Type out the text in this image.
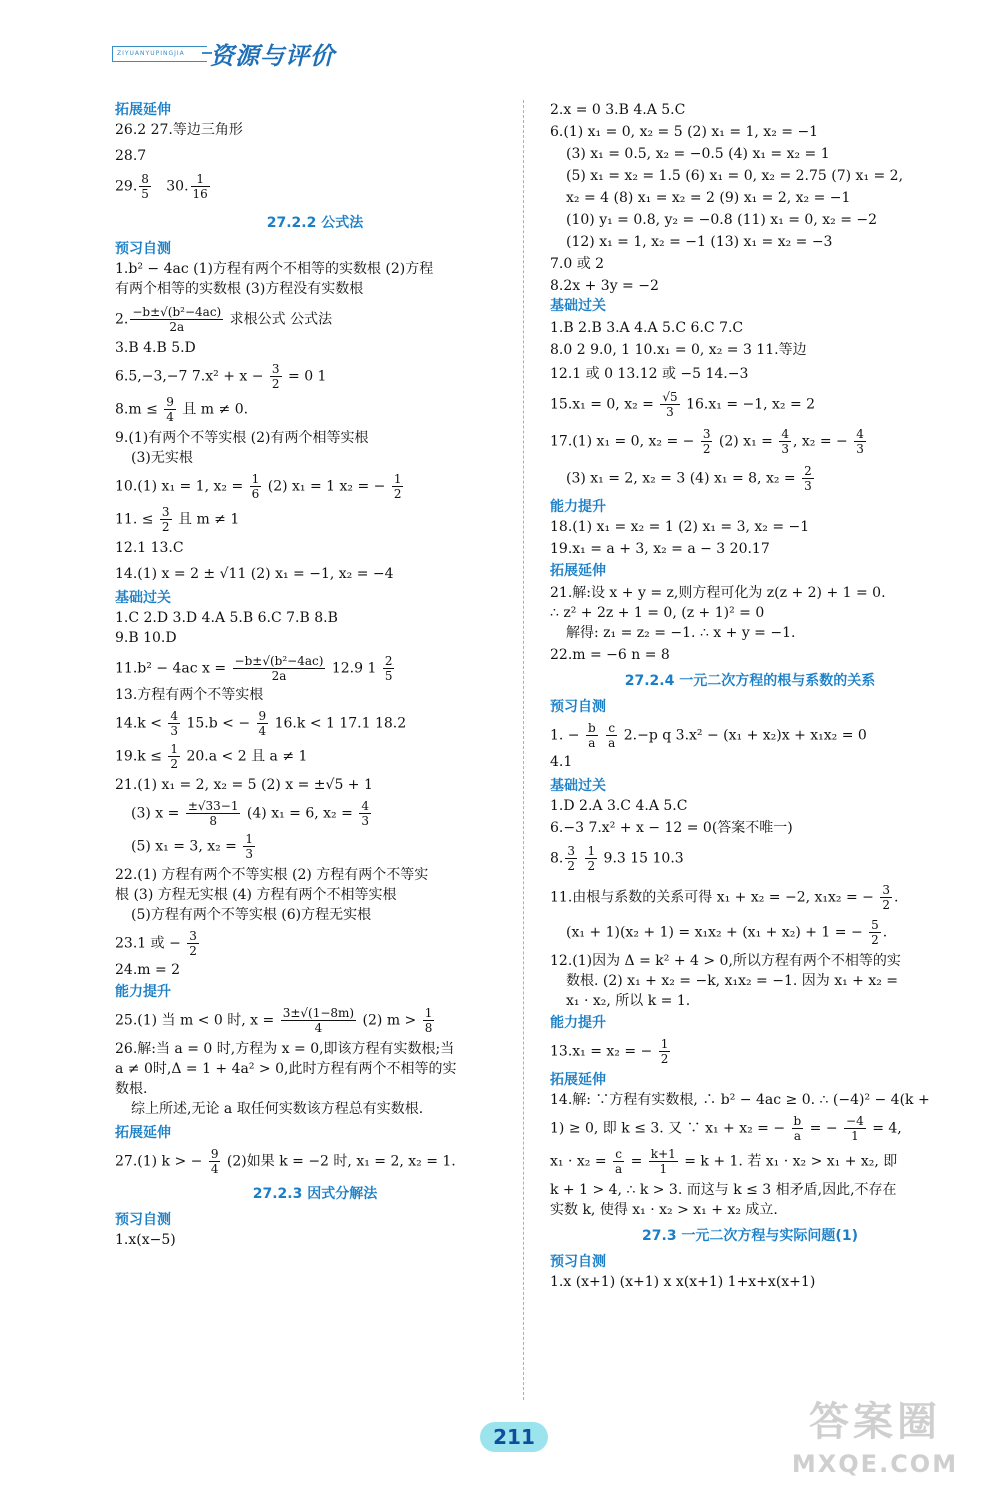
ZIYUANYUPINGJIA	资源与评价
拓展延伸
26.2 27.等边三角形
28.7
29. $\frac{8}{5} 30$. $\frac{1}{16}$
27.2.2 公式法
预习自测
1.b² − 4ac (1)方程有两个不相等的实数根 (2)方程
有两个相等的实数根 (3)方程没有实数根
2. $\frac{\text{−b±√(b²−4ac)}}{2a}$ 求根公式 公式法
3.B 4.B 5.D
6.5,−3,−7 $7.x^2 + x - \frac{3}{2} = 0$ 1
$8.m \le \frac{9}{4}$ 且 m ≠ 0.
9.(1)有两个不等实根 (2)有两个相等实根
(3)无实根
10.(1) x₁ = 1, $x_2 = \frac{1}{6} (2) x_1 = 1$ x₂ = − $\frac{1}{2}$
11. ≤ $\frac{3}{2}$ 且 m ≠ 1
12.1 13.C
14.(1) x = 2 ± √11 (2) x₁ = −1, x₂ = −4
基础过关
1.C 2.D 3.D 4.A 5.B 6.C 7.B 8.B
9.B 10.D
11.b² − 4ac $x = \frac{\text{−b±√(b²−4ac)}}{2a} 12.9$ $1 \frac{2}{5}$
13.方程有两个不等实根
$14.k < \frac{4}{3} 15.b$ < − $\frac{9}{4} 16.k < 1$ 17.1 18.2
$19.k \le \frac{1}{2} 20.a < 2$ 且 a ≠ 1
21.(1) x₁ = 2, x₂ = 5 (2) x = ±√5 + 1
(3) $x = \frac{\pm√33-1}{8} (4) x_1 = 6$, $x_2 = \frac{4}{3}$
(5) x₁ = 3, $x_2 = \frac{1}{3}$
22.(1) 方程有两个不等实根 (2) 方程有两个不等实
根 (3) 方程无实根 (4) 方程有两个不相等实根
(5)方程有两个不等实根 (6)方程无实根
23.1 或 − $\frac{3}{2}$
24.m = 2
能力提升
25.(1) 当 m < 0 时, $x = \frac{3\pm√(1-8m)}{4} (2) m > \frac{1}{8}$
26.解:当 a = 0 时,方程为 x = 0,即该方程有实数根;当
a ≠ 0时,Δ = 1 + 4a² > 0,此时方程有两个不相等的实
数根.
综上所述,无论 a 取任何实数该方程总有实数根.
拓展延伸
27.(1) k > − $\frac{9}{4} (2)$如果 k = −2 时, x₁ = 2, x₂ = 1.
27.2.3 因式分解法
预习自测
1.x(x−5)
2.x = 0 3.B 4.A 5.C
6.(1) x₁ = 0, x₂ = 5 (2) x₁ = 1, x₂ = −1
(3) x₁ = 0.5, x₂ = −0.5 (4) x₁ = x₂ = 1
(5) x₁ = x₂ = 1.5 (6) x₁ = 0, x₂ = 2.75 (7) x₁ = 2,
x₂ = 4 (8) x₁ = x₂ = 2 (9) x₁ = 2, x₂ = −1
(10) y₁ = 0.8, y₂ = −0.8 (11) x₁ = 0, x₂ = −2
(12) x₁ = 1, x₂ = −1 (13) x₁ = x₂ = −3
7.0 或 2
8.2x + 3y = −2
基础过关
1.B 2.B 3.A 4.A 5.C 6.C 7.C
8.0 2 9.0, 1 10.x₁ = 0, x₂ = 3 11.等边
12.1 或 0 13.12 或 −5 14.−3
15.x₁ = 0, $x_2 = \frac{√5}{3} 16.x_1 = -1$, x₂ = 2
17.(1) x₁ = 0, x₂ = − $\frac{3}{2} (2) x_1 = \frac{4}{3}$ , x₂ = − $\frac{4}{3}$
(3) x₁ = 2, x₂ = 3 (4) x₁ = 8, $x_2 = \frac{2}{3}$
能力提升
18.(1) x₁ = x₂ = 1 (2) x₁ = 3, x₂ = −1
19.x₁ = a + 3, x₂ = a − 3 20.17
拓展延伸
21.解:设 x + y = z,则方程可化为 z(z + 2) + 1 = 0.
∴ z² + 2z + 1 = 0, (z + 1)² = 0
解得: z₁ = z₂ = −1. ∴ x + y = −1.
22.m = −6 n = 8
27.2.4 一元二次方程的根与系数的关系
预习自测
1. − $\frac{b}{a}$
$\frac{c}{a} 2.-p$ q 3.x² − (x₁ + x₂)x + x₁x₂ = 0
4.1
基础过关
1.D 2.A 3.C 4.A 5.C
6.−3 7.x² + x − 12 = 0(答案不唯一)
8. $\frac{3}{2}$
$\frac{1}{2} 9.3$ 15 10.3
11.由根与系数的关系可得 x₁ + x₂ = −2, x₁x₂ = − $\frac{3}{2}$ .
(x₁ + 1)(x₂ + 1) = x₁x₂ + (x₁ + x₂) + 1 = − $\frac{5}{2}$ .
12.(1)因为 Δ = k² + 4 > 0,所以方程有两个不相等的实
数根. (2) x₁ + x₂ = −k, x₁x₂ = −1. 因为 x₁ + x₂ =
x₁ · x₂, 所以 k = 1.
能力提升
13.x₁ = x₂ = − $\frac{1}{2}$
拓展延伸
14.解: ∵方程有实数根, ∴ b² − 4ac ≥ 0. ∴ (−4)² − 4(k +
1) ≥ 0, 即 k ≤ 3. 又 ∵ x₁ + x₂ = − $\frac{b}{a}$ = − $\frac{-4}{1} = 4$,
$x_1 \cdot x_2 = \frac{c}{a} = \frac{k+1}{1} = k + 1$. 若 x₁ · x₂ > x₁ + x₂, 即
k + 1 > 4, ∴ k > 3. 而这与 k ≤ 3 相矛盾,因此,不存在
实数 k, 使得 x₁ · x₂ > x₁ + x₂ 成立.
27.3 一元二次方程与实际问题(1)
预习自测
1.x (x+1) (x+1) x x(x+1) 1+x+x(x+1)
211	答案圈
MXQE.COM
